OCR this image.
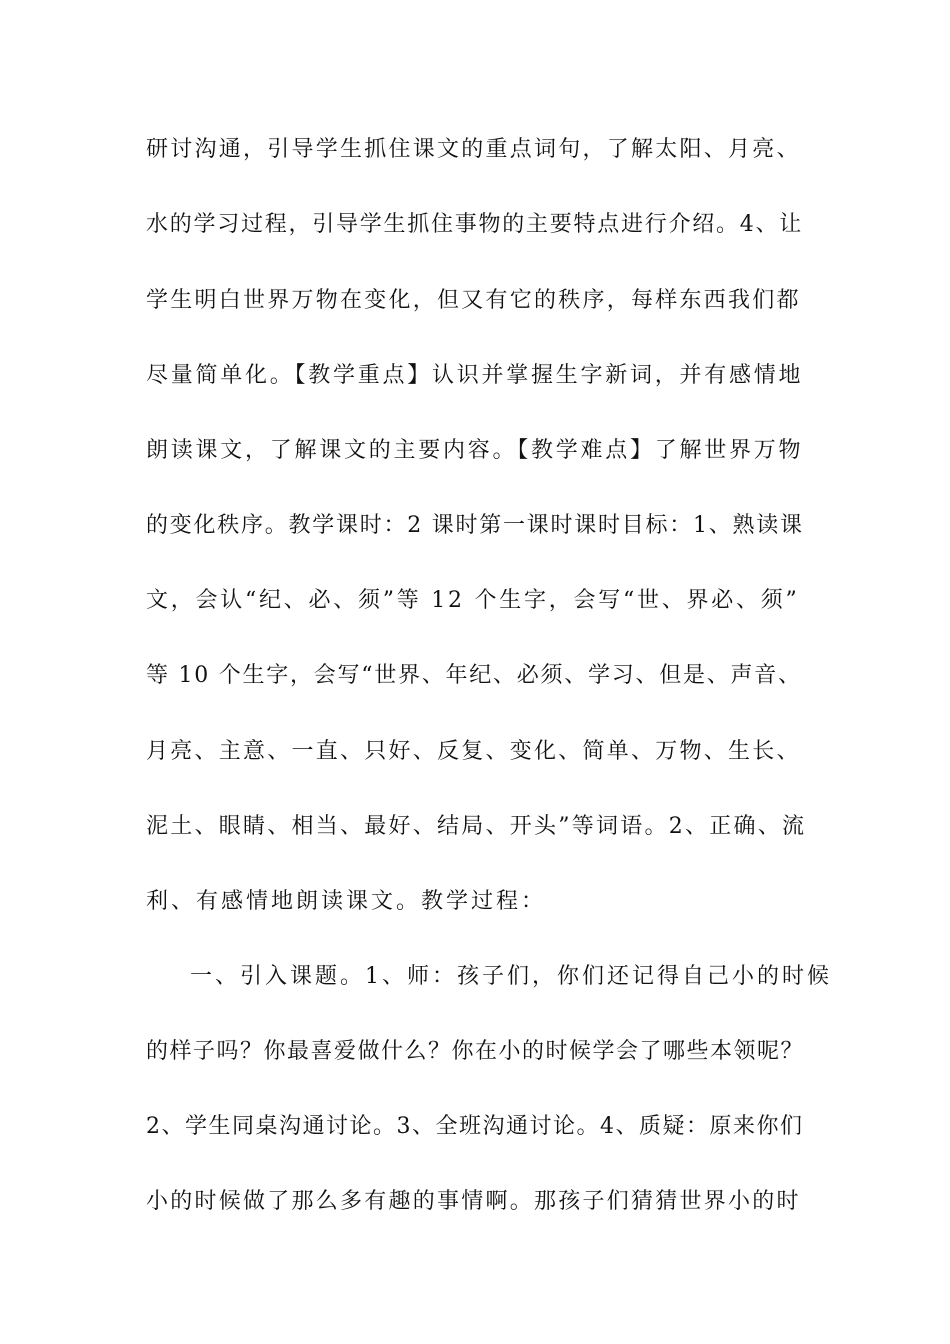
研讨沟通，引导学生抓住课文的重点词句，了解太阳、月亮、
水的学习过程，引导学生抓住事物的主要特点进行介绍。4、让
学生明白世界万物在变化，但又有它的秩序，每样东西我们都
尽量简单化。【教学重点】认识并掌握生字新词，并有感情地
朗读课文，了解课文的主要内容。【教学难点】了解世界万物
的变化秩序。教学课时：2 课时第一课时课时目标：1、熟读课
文，会认“纪、必、须”等 12 个生字，会写“世、界必、须”
等 10 个生字，会写“世界、年纪、必须、学习、但是、声音、
月亮、主意、一直、只好、反复、变化、简单、万物、生长、
泥土、眼睛、相当、最好、结局、开头”等词语。2、正确、流
利、有感情地朗读课文。教学过程：
一、引入课题。1、师：孩子们，你们还记得自己小的时候
的样子吗？你最喜爱做什么？你在小的时候学会了哪些本领呢？
2、学生同桌沟通讨论。3、全班沟通讨论。4、质疑：原来你们
小的时候做了那么多有趣的事情啊。那孩子们猜猜世界小的时
